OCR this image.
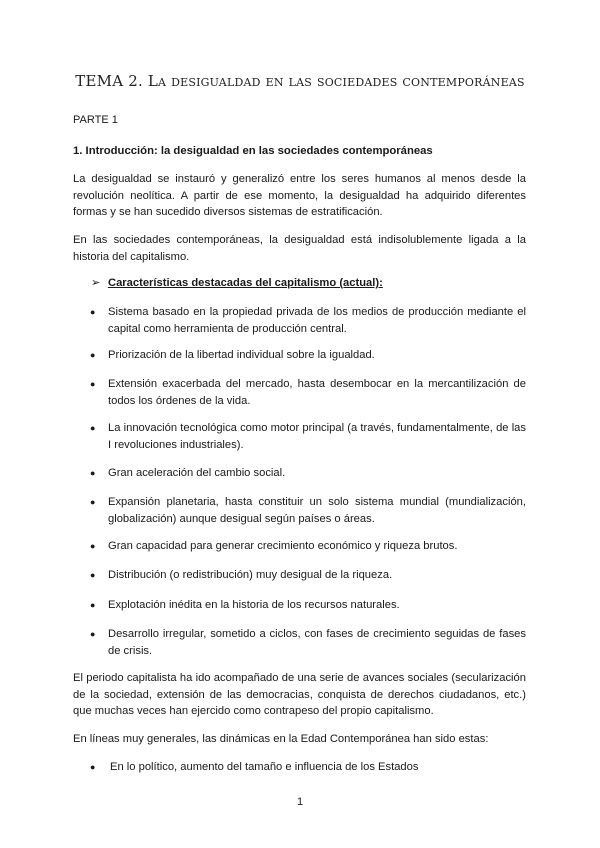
TEMA 2. La desigualdad en las sociedades contemporáneas

PARTE 1

1. Introducción: la desigualdad en las sociedades contemporáneas

La desigualdad se instauró y generalizó entre los seres humanos al menos desde la revolución neolítica. A partir de ese momento, la desigualdad ha adquirido diferentes formas y se han sucedido diversos sistemas de estratificación.

En las sociedades contemporáneas, la desigualdad está indisolublemente ligada a la historia del capitalismo.

➢ Características destacadas del capitalismo (actual):

● Sistema basado en la propiedad privada de los medios de producción mediante el capital como herramienta de producción central.
● Priorización de la libertad individual sobre la igualdad.
● Extensión exacerbada del mercado, hasta desembocar en la mercantilización de todos los órdenes de la vida.
● La innovación tecnológica como motor principal (a través, fundamentalmente, de las I revoluciones industriales).
● Gran aceleración del cambio social.
● Expansión planetaria, hasta constituir un solo sistema mundial (mundialización, globalización) aunque desigual según países o áreas.
● Gran capacidad para generar crecimiento económico y riqueza brutos.
● Distribución (o redistribución) muy desigual de la riqueza.
● Explotación inédita en la historia de los recursos naturales.
● Desarrollo irregular, sometido a ciclos, con fases de crecimiento seguidas de fases de crisis.

El periodo capitalista ha ido acompañado de una serie de avances sociales (secularización de la sociedad, extensión de las democracias, conquista de derechos ciudadanos, etc.) que muchas veces han ejercido como contrapeso del propio capitalismo.

En líneas muy generales, las dinámicas en la Edad Contemporánea han sido estas:

● En lo político, aumento del tamaño e influencia de los Estados
1
